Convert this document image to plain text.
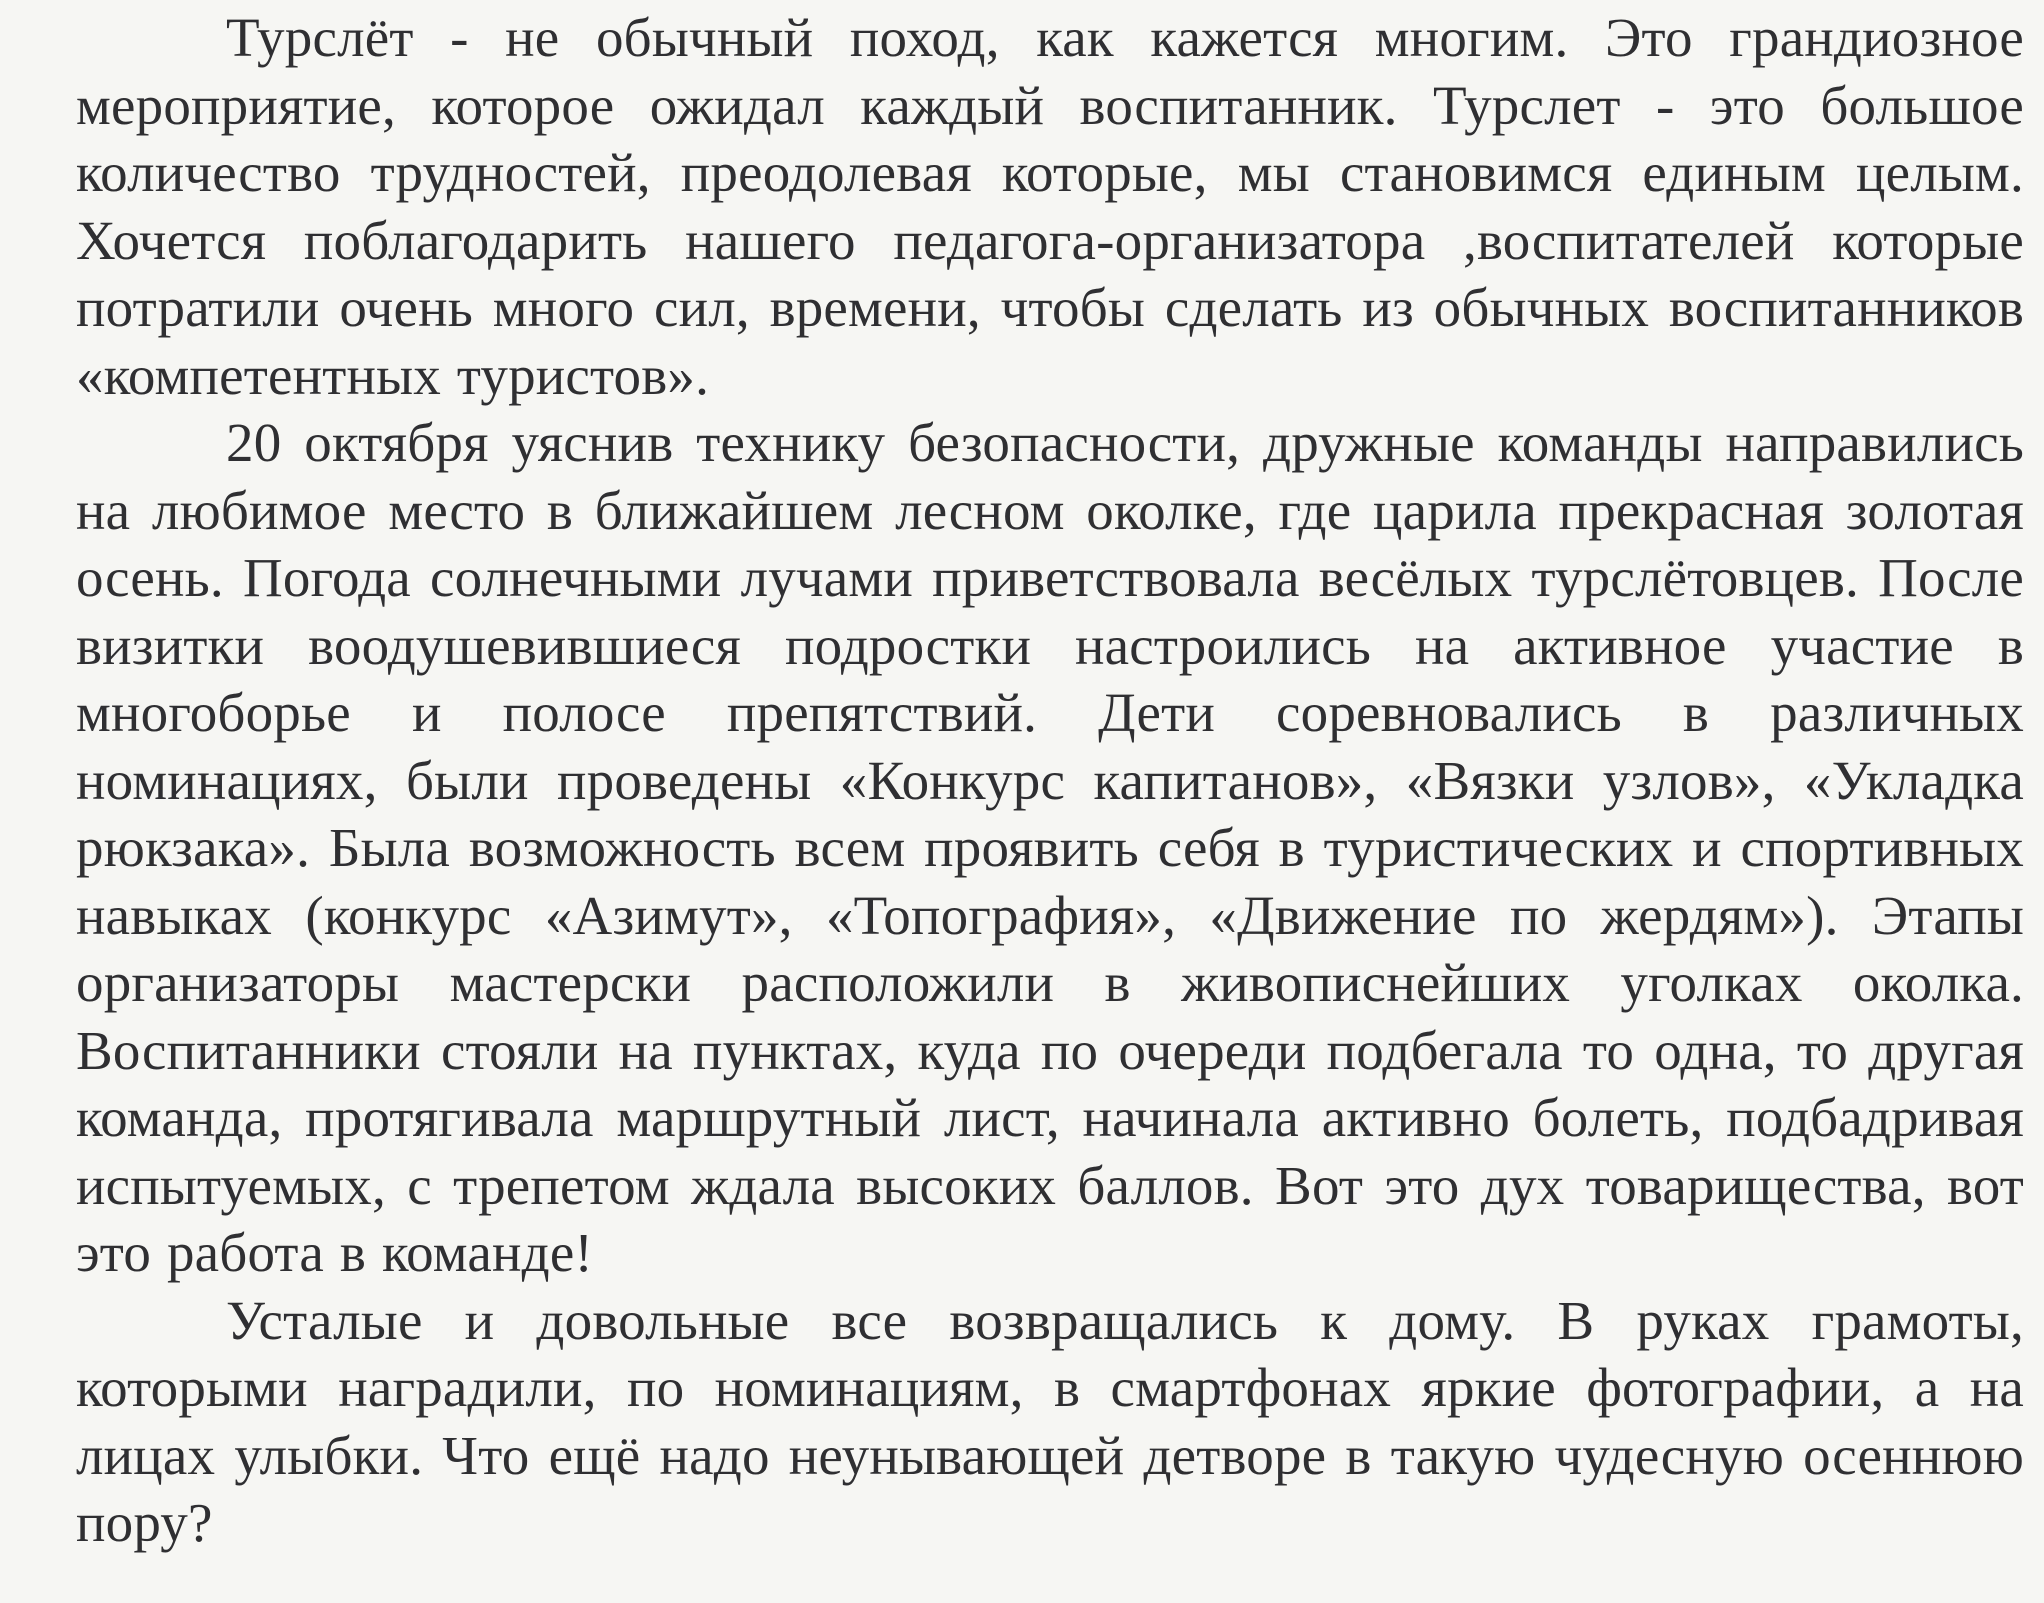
Турслёт - не обычный поход, как кажется многим. Это грандиозное мероприятие, которое ожидал каждый воспитанник. Турслет - это большое количество трудностей, преодолевая которые, мы становимся единым целым. Хочется поблагодарить нашего педагога-организатора ,воспитателей которые потратили очень много сил, времени, чтобы сделать из обычных воспитанников «компетентных туристов».

20 октября уяснив технику безопасности, дружные команды направились на любимое место в ближайшем лесном околке, где царила прекрасная золотая осень. Погода солнечными лучами приветствовала весёлых турслётовцев. После визитки воодушевившиеся подростки настроились на активное участие в многоборье и полосе препятствий. Дети соревновались в различных номинациях, были проведены «Конкурс капитанов», «Вязки узлов», «Укладка рюкзака». Была возможность всем проявить себя в туристических и спортивных навыках (конкурс «Азимут», «Топография», «Движение по жердям»). Этапы организаторы мастерски расположили в живописнейших уголках околка. Воспитанники стояли на пунктах, куда по очереди подбегала то одна, то другая команда, протягивала маршрутный лист, начинала активно болеть, подбадривая испытуемых, с трепетом ждала высоких баллов. Вот это дух товарищества, вот это работа в команде!

Усталые и довольные все возвращались к дому. В руках грамоты, которыми наградили, по номинациям, в смартфонах яркие фотографии, а на лицах улыбки. Что ещё надо неунывающей детворе в такую чудесную осеннюю пору?
